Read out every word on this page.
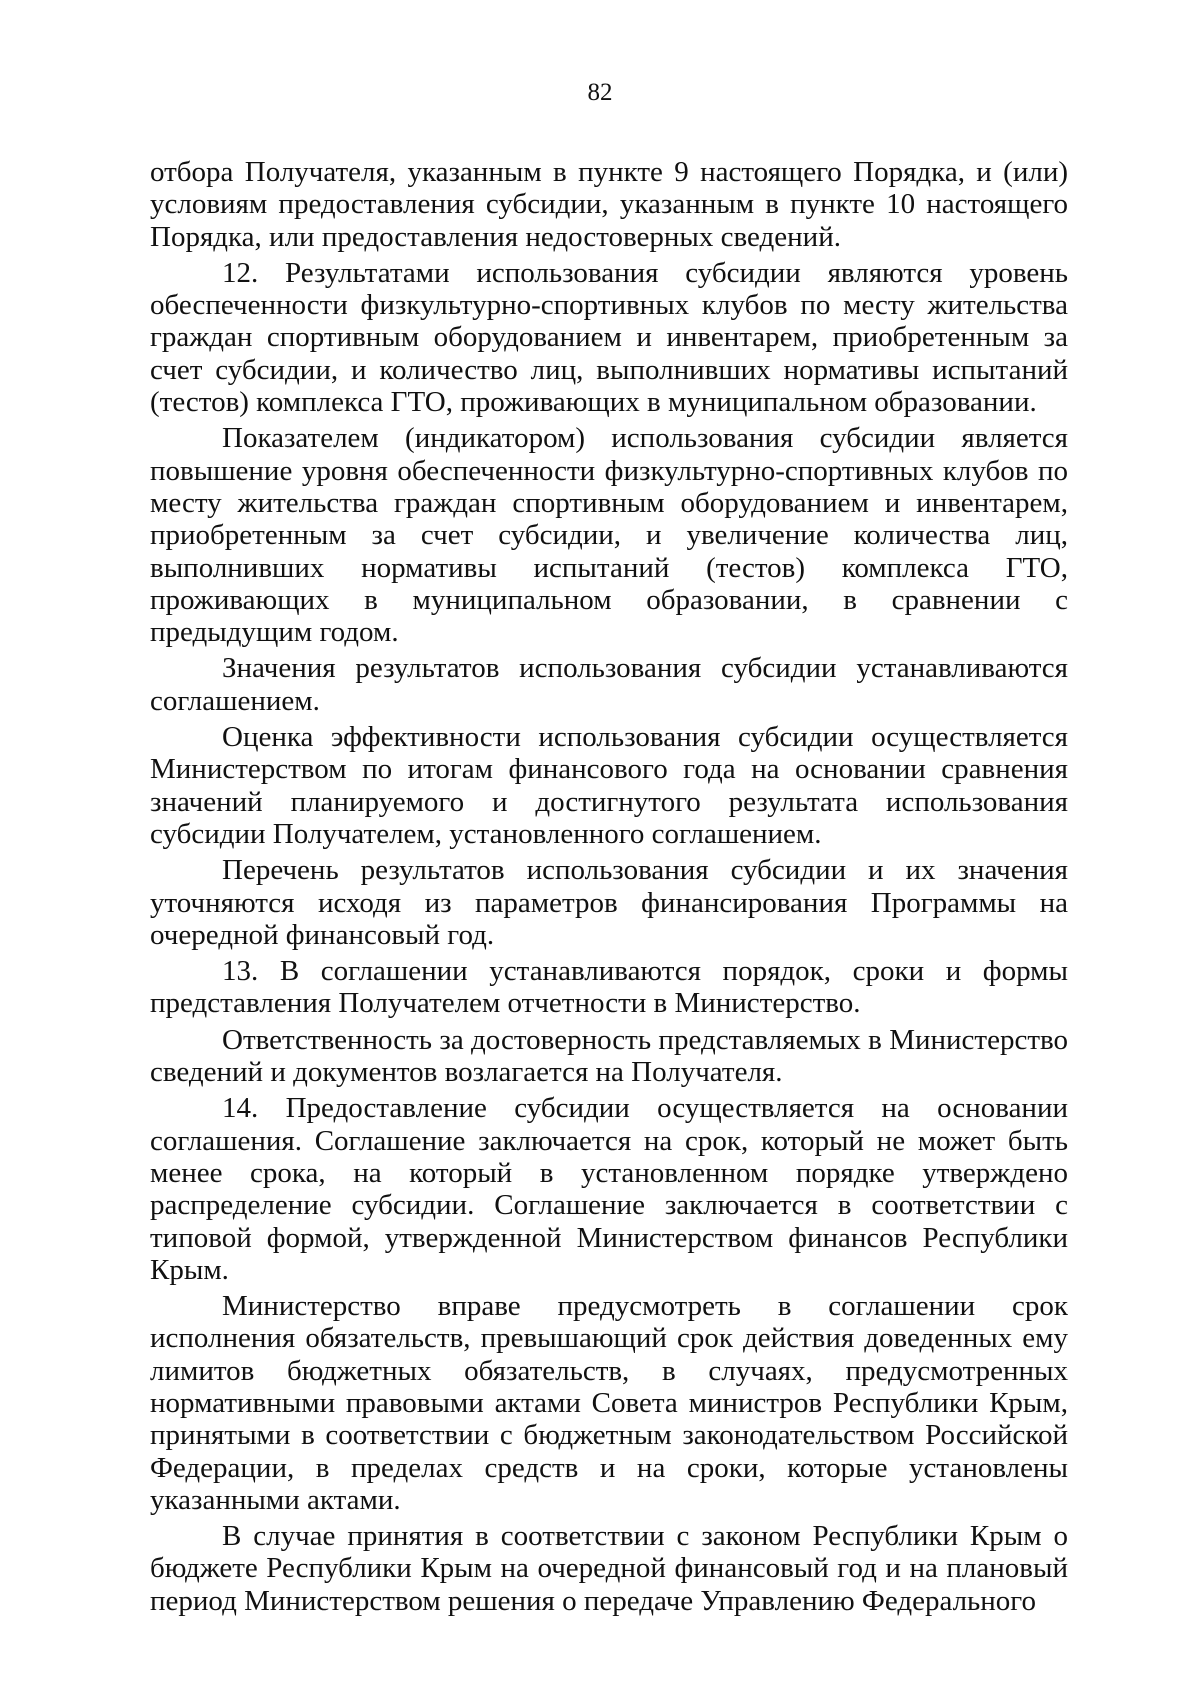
82

отбора Получателя, указанным в пункте 9 настоящего Порядка, и (или) условиям предоставления субсидии, указанным в пункте 10 настоящего Порядка, или предоставления недостоверных сведений.

12. Результатами использования субсидии являются уровень обеспеченности физкультурно-спортивных клубов по месту жительства граждан спортивным оборудованием и инвентарем, приобретенным за счет субсидии, и количество лиц, выполнивших нормативы испытаний (тестов) комплекса ГТО, проживающих в муниципальном образовании.

Показателем (индикатором) использования субсидии является повышение уровня обеспеченности физкультурно-спортивных клубов по месту жительства граждан спортивным оборудованием и инвентарем, приобретенным за счет субсидии, и увеличение количества лиц, выполнивших нормативы испытаний (тестов) комплекса ГТО, проживающих в муниципальном образовании, в сравнении с предыдущим годом.

Значения результатов использования субсидии устанавливаются соглашением.

Оценка эффективности использования субсидии осуществляется Министерством по итогам финансового года на основании сравнения значений планируемого и достигнутого результата использования субсидии Получателем, установленного соглашением.

Перечень результатов использования субсидии и их значения уточняются исходя из параметров финансирования Программы на очередной финансовый год.

13. В соглашении устанавливаются порядок, сроки и формы представления Получателем отчетности в Министерство.

Ответственность за достоверность представляемых в Министерство сведений и документов возлагается на Получателя.

14. Предоставление субсидии осуществляется на основании соглашения. Соглашение заключается на срок, который не может быть менее срока, на который в установленном порядке утверждено распределение субсидии. Соглашение заключается в соответствии с типовой формой, утвержденной Министерством финансов Республики Крым.

Министерство вправе предусмотреть в соглашении срок исполнения обязательств, превышающий срок действия доведенных ему лимитов бюджетных обязательств, в случаях, предусмотренных нормативными правовыми актами Совета министров Республики Крым, принятыми в соответствии с бюджетным законодательством Российской Федерации, в пределах средств и на сроки, которые установлены указанными актами.

В случае принятия в соответствии с законом Республики Крым о бюджете Республики Крым на очередной финансовый год и на плановый период Министерством решения о передаче Управлению Федерального
